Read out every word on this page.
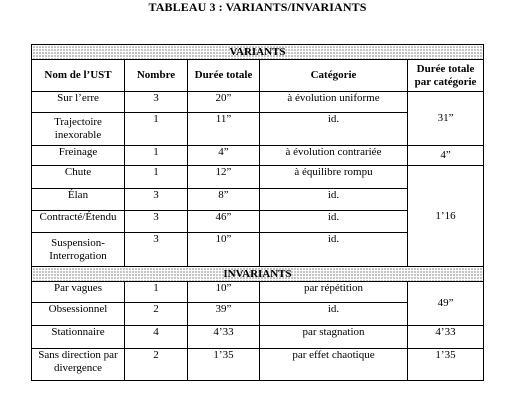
TABLEAU 3 : VARIANTS/INVARIANTS
VARIANTS				
Nom de l’UST	Nombre	Durée totale	Catégorie	Durée totale par catégorie
Sur l’erre	3	20”	à évolution uniforme	31”
Trajectoire inexorable	1	11”	id.	
Freinage	1	4”	à évolution contrariée	4”
Chute	1	12”	à équilibre rompu	1’16
Élan	3	8”	id.	
Contracté/Étendu	3	46”	id.	
Suspension-Interrogation	3	10”	id.	
INVARIANTS				
Par vagues	1	10”	par répétition	49”
Obsessionnel	2	39”	id.	
Stationnaire	4	4’33	par stagnation	4’33
Sans direction par divergence	2	1’35	par effet chaotique	1’35
